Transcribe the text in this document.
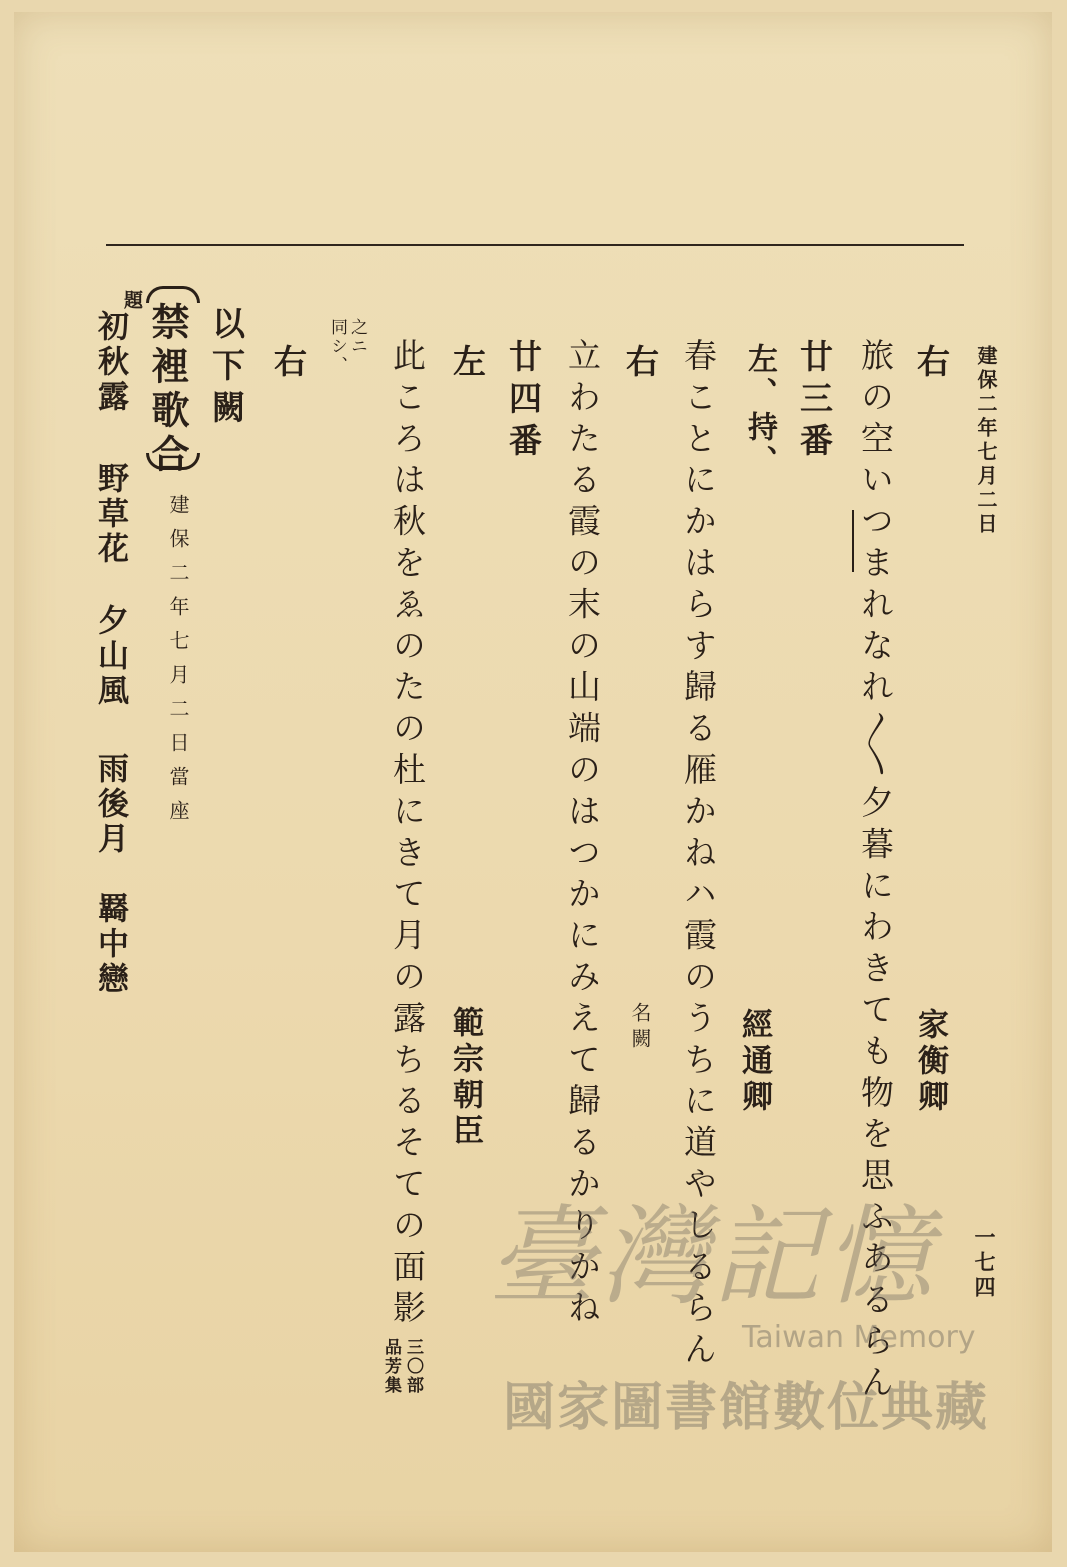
建保二年七月二日
一七四
右
家衡卿
旅の空いつまれなれ〱夕暮にわきても物を思ふあるらん
廿三番
左、持、
經通卿
春ことにかはらす歸る雁かねハ霞のうちに道やしるらん
右
名闕
立わたる霞の末の山端のはつかにみえて歸るかりかね
廿四番
左
範宗朝臣
此ころは秋をゑのたの杜にきて月の露ちるそての面影
三〇部
品芳集
之ニ
同シ、
右
以下闕
禁裡歌合
建保二年七月二日當座
題
初秋露
野草花
夕山風
雨後月
羇中戀
臺灣記憶
Taiwan Memory
國家圖書館數位典藏
